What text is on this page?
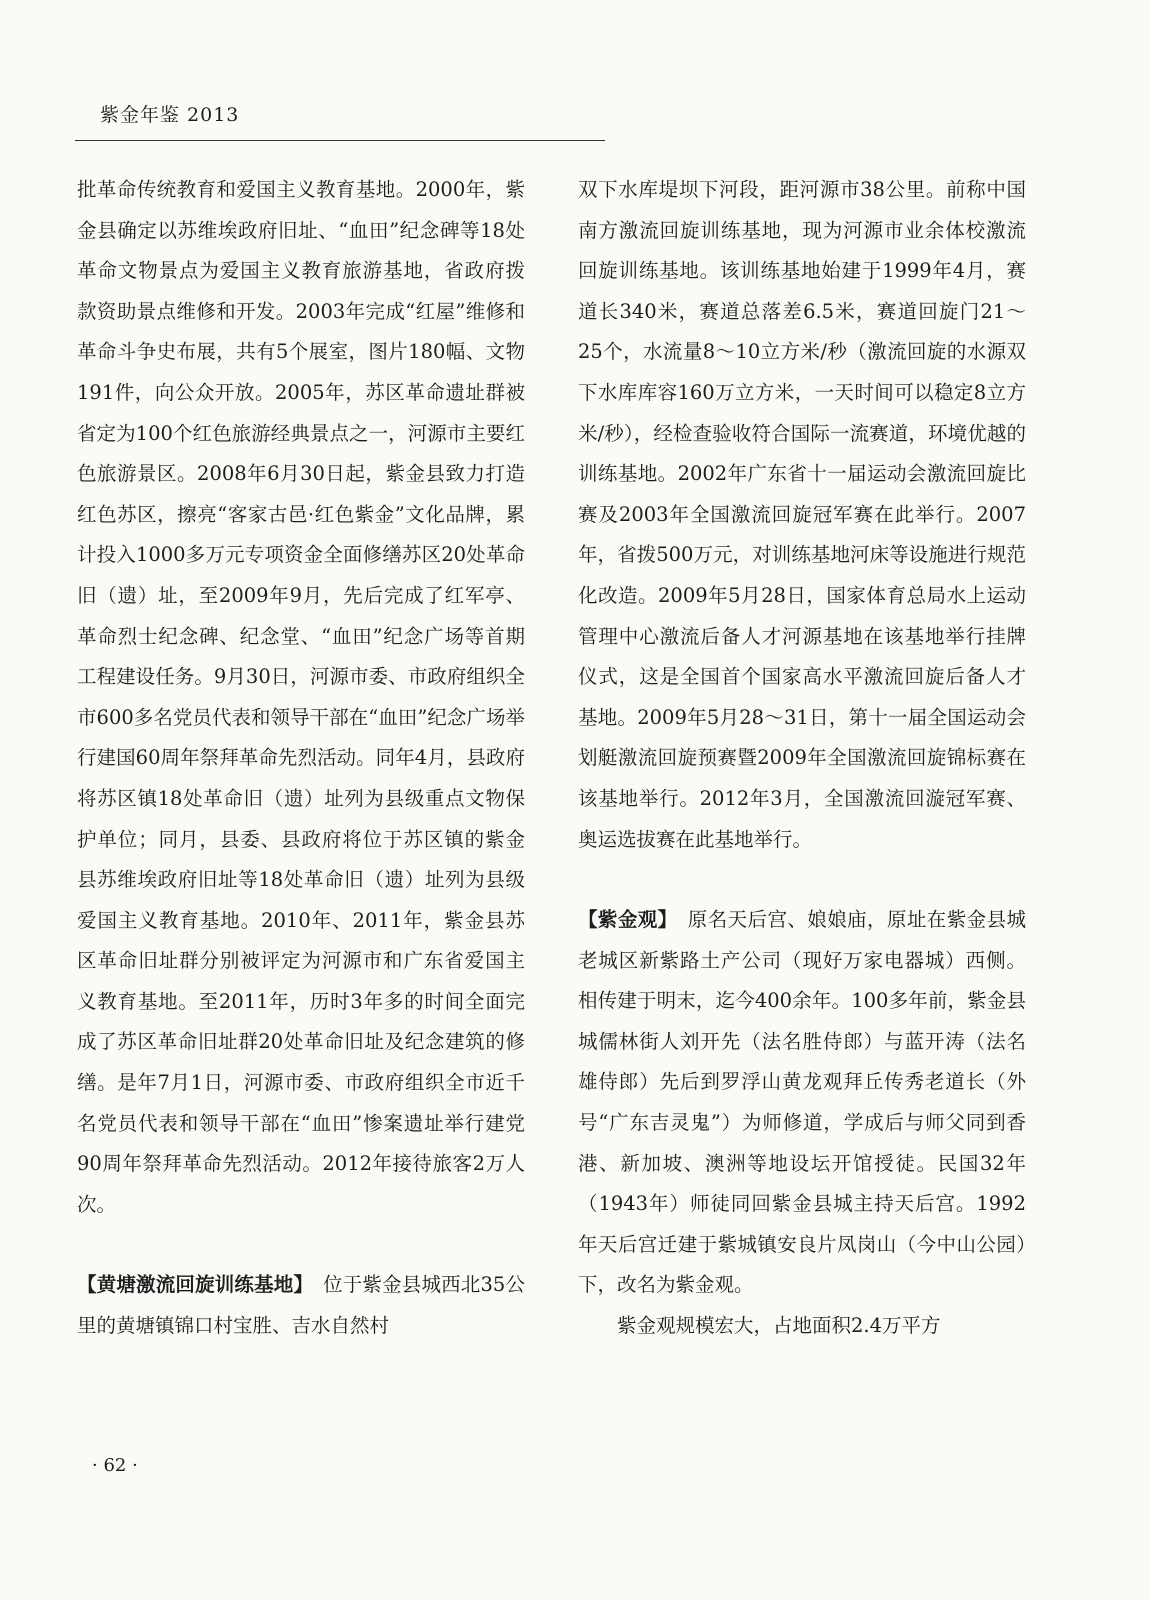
紫金年鉴 2013

批革命传统教育和爱国主义教育基地。2000年，紫金县确定以苏维埃政府旧址、“血田”纪念碑等18处革命文物景点为爱国主义教育旅游基地，省政府拨款资助景点维修和开发。2003年完成“红屋”维修和革命斗争史布展，共有5个展室，图片180幅、文物191件，向公众开放。2005年，苏区革命遗址群被省定为100个红色旅游经典景点之一，河源市主要红色旅游景区。2008年6月30日起，紫金县致力打造红色苏区，擦亮“客家古邑·红色紫金”文化品牌，累计投入1000多万元专项资金全面修缮苏区20处革命旧（遗）址，至2009年9月，先后完成了红军亭、革命烈士纪念碑、纪念堂、“血田”纪念广场等首期工程建设任务。9月30日，河源市委、市政府组织全市600多名党员代表和领导干部在“血田”纪念广场举行建国60周年祭拜革命先烈活动。同年4月，县政府将苏区镇18处革命旧（遗）址列为县级重点文物保护单位；同月，县委、县政府将位于苏区镇的紫金县苏维埃政府旧址等18处革命旧（遗）址列为县级爱国主义教育基地。2010年、2011年，紫金县苏区革命旧址群分别被评定为河源市和广东省爱国主义教育基地。至2011年，历时3年多的时间全面完成了苏区革命旧址群20处革命旧址及纪念建筑的修缮。是年7月1日，河源市委、市政府组织全市近千名党员代表和领导干部在“血田”惨案遗址举行建党90周年祭拜革命先烈活动。2012年接待旅客2万人次。

【黄塘激流回旋训练基地】　位于紫金县城西北35公里的黄塘镇锦口村宝胜、吉水自然村

双下水库堤坝下河段，距河源市38公里。前称中国南方激流回旋训练基地，现为河源市业余体校激流回旋训练基地。该训练基地始建于1999年4月，赛道长340米，赛道总落差6.5米，赛道回旋门21～25个，水流量8～10立方米/秒（激流回旋的水源双下水库库容160万立方米，一天时间可以稳定8立方米/秒），经检查验收符合国际一流赛道，环境优越的训练基地。2002年广东省十一届运动会激流回旋比赛及2003年全国激流回旋冠军赛在此举行。2007年，省拨500万元，对训练基地河床等设施进行规范化改造。2009年5月28日，国家体育总局水上运动管理中心激流后备人才河源基地在该基地举行挂牌仪式，这是全国首个国家高水平激流回旋后备人才基地。2009年5月28～31日，第十一届全国运动会划艇激流回旋预赛暨2009年全国激流回旋锦标赛在该基地举行。2012年3月，全国激流回漩冠军赛、奥运选拔赛在此基地举行。

【紫金观】　原名天后宫、娘娘庙，原址在紫金县城老城区新紫路土产公司（现好万家电器城）西侧。相传建于明末，迄今400余年。100多年前，紫金县城儒林街人刘开先（法名胜侍郎）与蓝开涛（法名雄侍郎）先后到罗浮山黄龙观拜丘传秀老道长（外号“广东吉灵鬼”）为师修道，学成后与师父同到香港、新加坡、澳洲等地设坛开馆授徒。民国32年（1943年）师徒同回紫金县城主持天后宫。1992年天后宫迁建于紫城镇安良片凤岗山（今中山公园）下，改名为紫金观。

紫金观规模宏大，占地面积2.4万平方

· 62 ·
